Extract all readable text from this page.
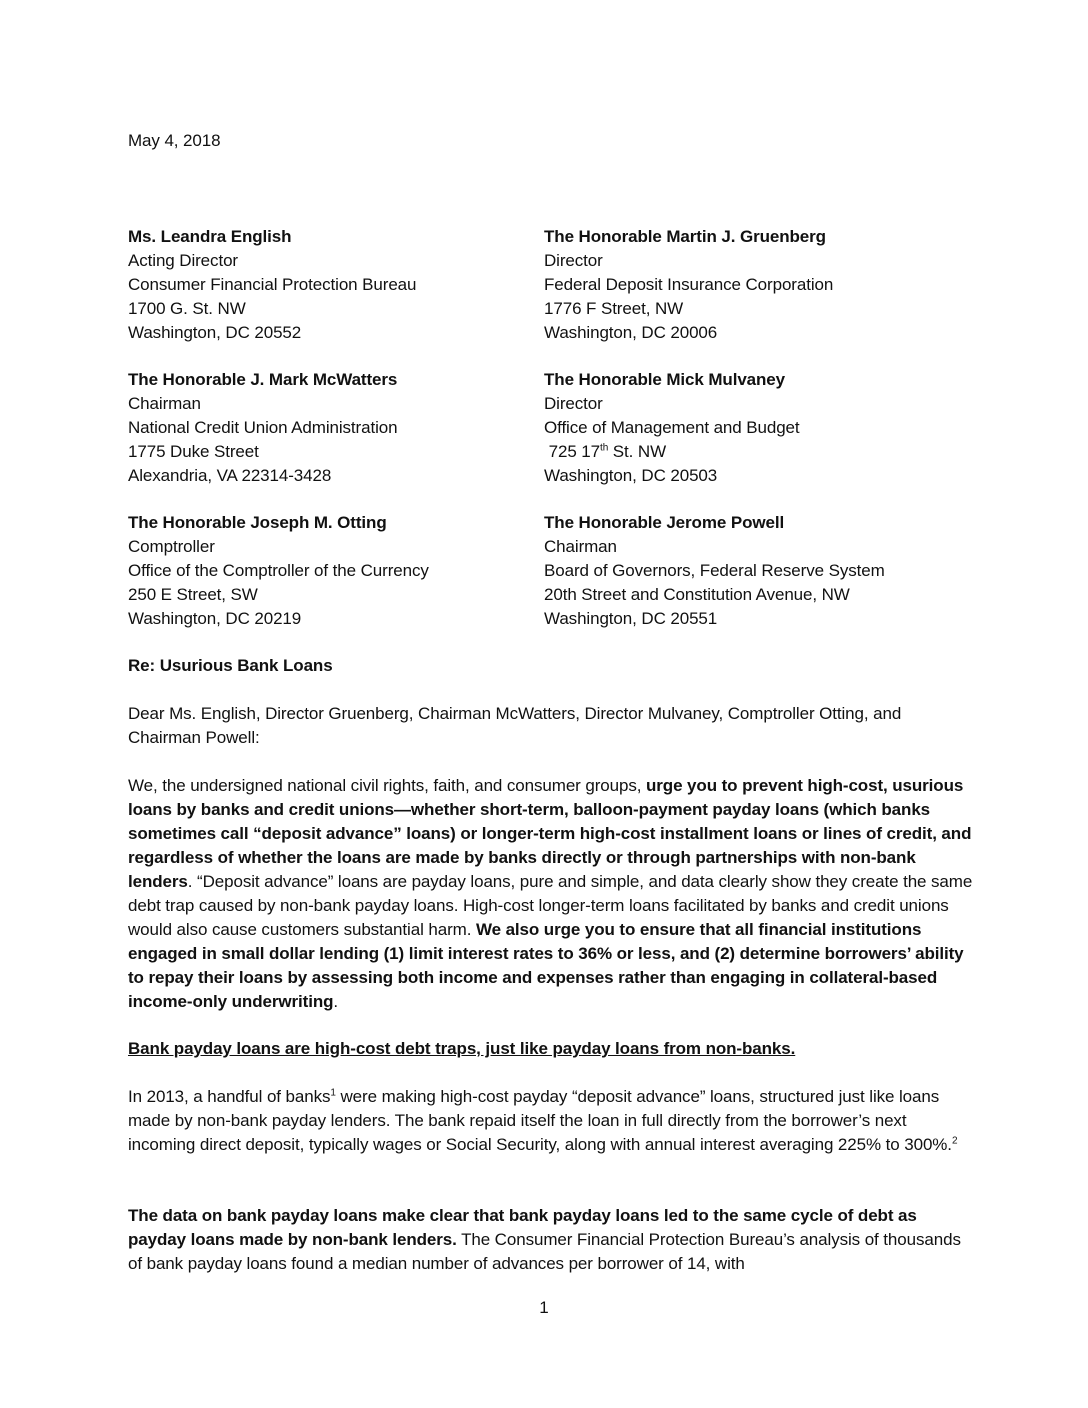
May 4, 2018
Ms. Leandra English
Acting Director
Consumer Financial Protection Bureau
1700 G. St. NW
Washington, DC 20552
The Honorable Martin J. Gruenberg
Director
Federal Deposit Insurance Corporation
1776 F Street, NW
Washington, DC 20006
The Honorable J. Mark McWatters
Chairman
National Credit Union Administration
1775 Duke Street
Alexandria, VA 22314-3428
The Honorable Mick Mulvaney
Director
Office of Management and Budget
725 17th St. NW
Washington, DC 20503
The Honorable Joseph M. Otting
Comptroller
Office of the Comptroller of the Currency
250 E Street, SW
Washington, DC 20219
The Honorable Jerome Powell
Chairman
Board of Governors, Federal Reserve System
20th Street and Constitution Avenue, NW
Washington, DC 20551
Re: Usurious Bank Loans
Dear Ms. English, Director Gruenberg, Chairman McWatters, Director Mulvaney, Comptroller Otting, and Chairman Powell:
We, the undersigned national civil rights, faith, and consumer groups, urge you to prevent high-cost, usurious loans by banks and credit unions—whether short-term, balloon-payment payday loans (which banks sometimes call “deposit advance” loans) or longer-term high-cost installment loans or lines of credit, and regardless of whether the loans are made by banks directly or through partnerships with non-bank lenders. “Deposit advance” loans are payday loans, pure and simple, and data clearly show they create the same debt trap caused by non-bank payday loans. High-cost longer-term loans facilitated by banks and credit unions would also cause customers substantial harm. We also urge you to ensure that all financial institutions engaged in small dollar lending (1) limit interest rates to 36% or less, and (2) determine borrowers’ ability to repay their loans by assessing both income and expenses rather than engaging in collateral-based income-only underwriting.
Bank payday loans are high-cost debt traps, just like payday loans from non-banks.
In 2013, a handful of banks$^1$ were making high-cost payday “deposit advance” loans, structured just like loans made by non-bank payday lenders. The bank repaid itself the loan in full directly from the borrower’s next incoming direct deposit, typically wages or Social Security, along with annual interest averaging 225% to 300%.$^2$
The data on bank payday loans make clear that bank payday loans led to the same cycle of debt as payday loans made by non-bank lenders. The Consumer Financial Protection Bureau’s analysis of thousands of bank payday loans found a median number of advances per borrower of 14, with
1
